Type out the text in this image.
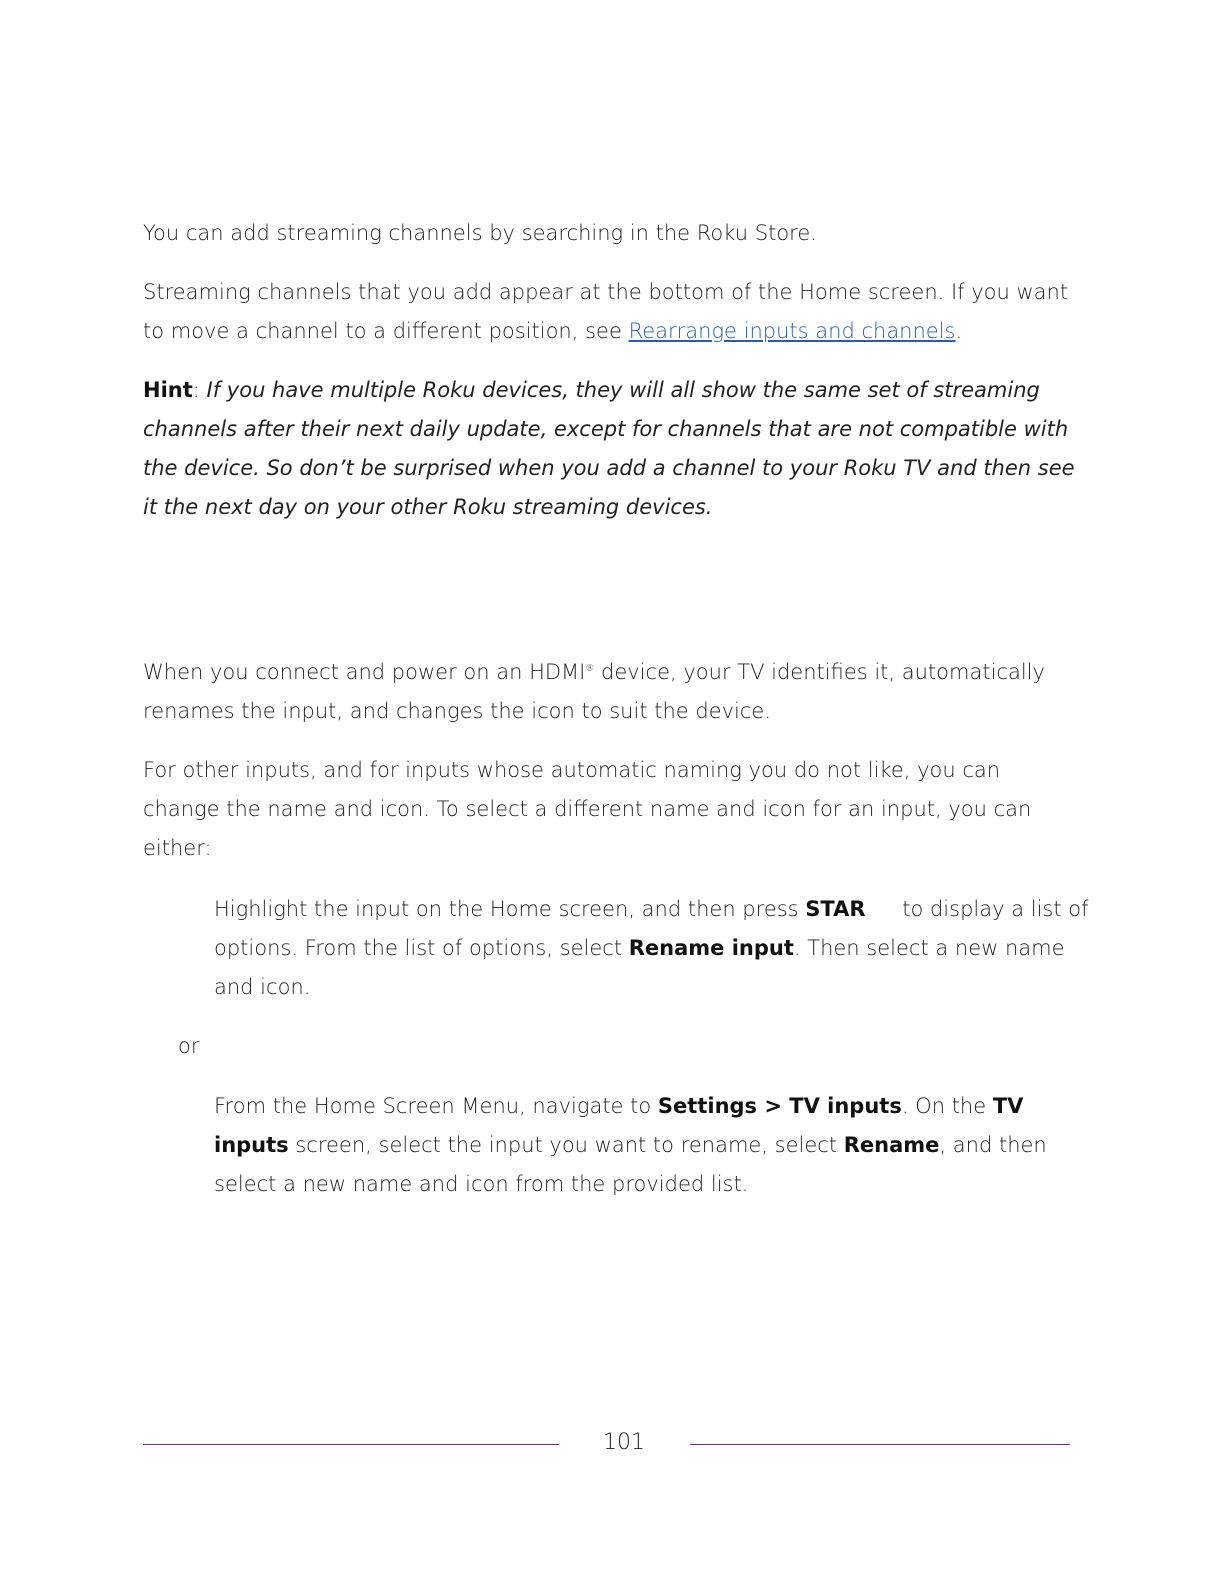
You can add streaming channels by searching in the Roku Store.

Streaming channels that you add appear at the bottom of the Home screen. If you want to move a channel to a different position, see Rearrange inputs and channels.

Hint: If you have multiple Roku devices, they will all show the same set of streaming channels after their next daily update, except for channels that are not compatible with the device. So don’t be surprised when you add a channel to your Roku TV and then see it the next day on your other Roku streaming devices.

When you connect and power on an HDMI® device, your TV identifies it, automatically renames the input, and changes the icon to suit the device.

For other inputs, and for inputs whose automatic naming you do not like, you can change the name and icon. To select a different name and icon for an input, you can either:

Highlight the input on the Home screen, and then press STAR to display a list of options. From the list of options, select Rename input. Then select a new name and icon.

or

From the Home Screen Menu, navigate to Settings > TV inputs. On the TV inputs screen, select the input you want to rename, select Rename, and then select a new name and icon from the provided list.

101
